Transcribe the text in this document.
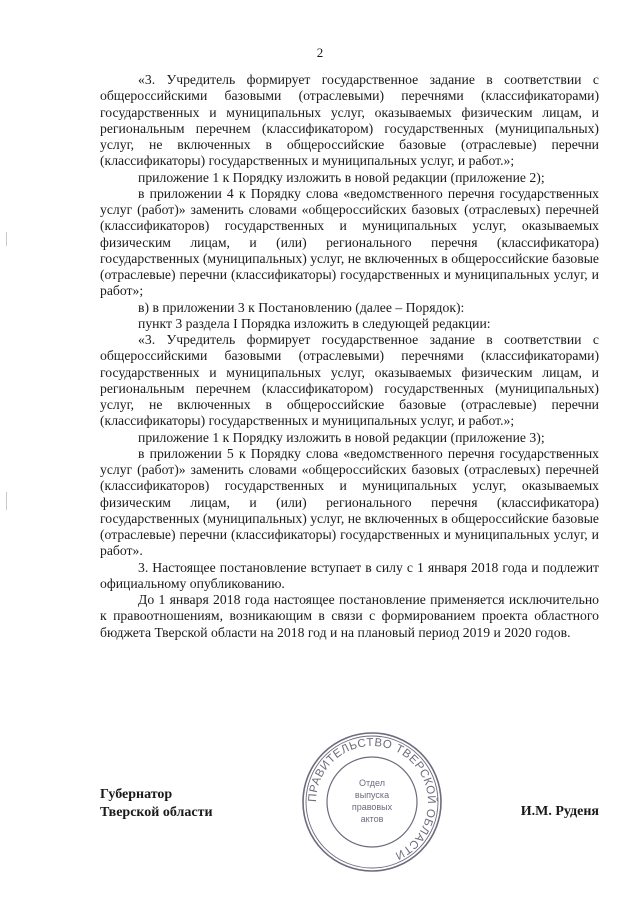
2

«3. Учредитель формирует государственное задание в соответствии с общероссийскими базовыми (отраслевыми) перечнями (классификаторами) государственных и муниципальных услуг, оказываемых физическим лицам, и региональным перечнем (классификатором) государственных (муниципальных) услуг, не включенных в общероссийские базовые (отраслевые) перечни (классификаторы) государственных и муниципальных услуг, и работ.»;

приложение 1 к Порядку изложить в новой редакции (приложение 2);

в приложении 4 к Порядку слова «ведомственного перечня государственных услуг (работ)» заменить словами «общероссийских базовых (отраслевых) перечней (классификаторов) государственных и муниципальных услуг, оказываемых физическим лицам, и (или) регионального перечня (классификатора) государственных (муниципальных) услуг, не включенных в общероссийские базовые (отраслевые) перечни (классификаторы) государственных и муниципальных услуг, и работ»;

в) в приложении 3 к Постановлению (далее – Порядок):

пункт 3 раздела I Порядка изложить в следующей редакции:

«3. Учредитель формирует государственное задание в соответствии с общероссийскими базовыми (отраслевыми) перечнями (классификаторами) государственных и муниципальных услуг, оказываемых физическим лицам, и региональным перечнем (классификатором) государственных (муниципальных) услуг, не включенных в общероссийские базовые (отраслевые) перечни (классификаторы) государственных и муниципальных услуг, и работ.»;

приложение 1 к Порядку изложить в новой редакции (приложение 3);

в приложении 5 к Порядку слова «ведомственного перечня государственных услуг (работ)» заменить словами «общероссийских базовых (отраслевых) перечней (классификаторов) государственных и муниципальных услуг, оказываемых физическим лицам, и (или) регионального перечня (классификатора) государственных (муниципальных) услуг, не включенных в общероссийские базовые (отраслевые) перечни (классификаторы) государственных и муниципальных услуг, и работ».

3. Настоящее постановление вступает в силу с 1 января 2018 года и подлежит официальному опубликованию.

До 1 января 2018 года настоящее постановление применяется исключительно к правоотношениям, возникающим в связи с формированием проекта областного бюджета Тверской области на 2018 год и на плановый период 2019 и 2020 годов.

ПРАВИТЕЛЬСТВО ТВЕРСКОЙ ОБЛАСТИ
Отдел
выпуска
правовых
актов
Губернатор
Тверской области	И.М. Руденя
